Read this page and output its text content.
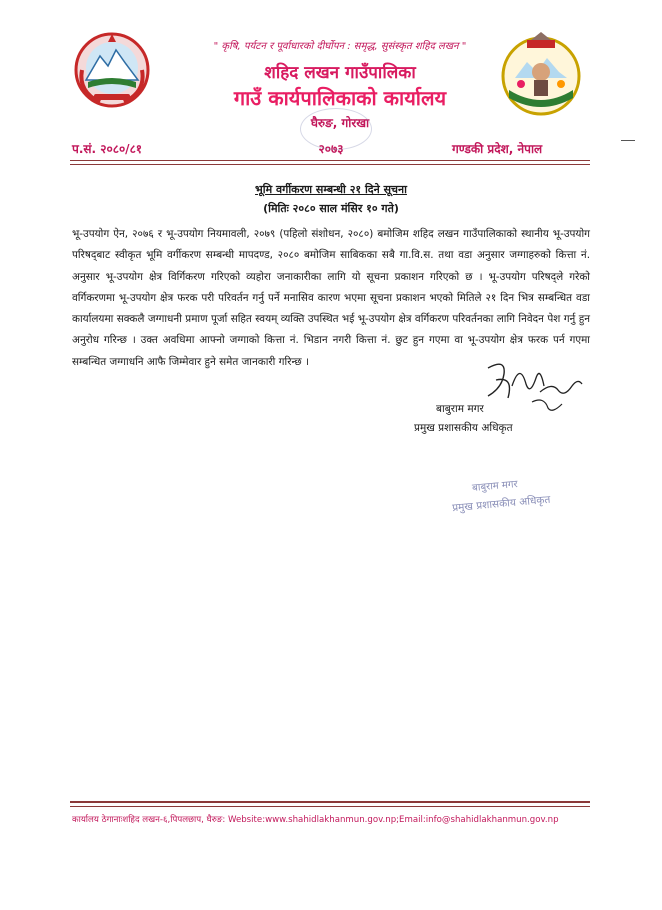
" कृषि, पर्यटन र पूर्वाधारको दीर्घोपन : समृद्ध, सुसंस्कृत शहिद लखन "
शहिद लखन गाउँपालिका
गाउँ कार्यपालिकाको कार्यालय
घैरुङ, गोरखा
२०७३
प.सं. २०८०/८१	गण्डकी प्रदेश, नेपाल
भूमि वर्गीकरण सम्बन्धी २१ दिने सूचना
(मितिः २०८० साल मंसिर १० गते)
भू-उपयोग ऐन, २०७६ र भू-उपयोग नियमावली, २०७९ (पहिलो संशोधन, २०८०) बमोजिम शहिद लखन गाउँपालिकाको स्थानीय भू-उपयोग परिषद्‌बाट स्वीकृत भूमि वर्गीकरण सम्बन्धी मापदण्ड, २०८० बमोजिम साबिकका सबै गा.वि.स. तथा वडा अनुसार जग्गाहरुको कित्ता नं. अनुसार भू-उपयोग क्षेत्र विर्गिकरण गरिएको व्यहोरा जनाकारीका लागि यो सूचना प्रकाशन गरिएको छ । भू-उपयोग परिषद्ले गरेको वर्गिकरणमा भू-उपयोग क्षेत्र फरक परी परिवर्तन गर्नु पर्ने मनासिव कारण भएमा सूचना प्रकाशन भएको मितिले २१ दिन भित्र सम्बन्धित वडा कार्यालयमा सक्कलै जग्गाधनी प्रमाण पूर्जा सहित स्वयम् व्यक्ति उपस्थित भई भू-उपयोग क्षेत्र वर्गिकरण परिवर्तनका लागि निवेदन पेश गर्नु हुन अनुरोध गरिन्छ । उक्त अवधिमा आफ्नो जग्गाको कित्ता नं. भिडान नगरी कित्ता नं. छुट हुन गएमा वा भू-उपयोग क्षेत्र फरक पर्न गएमा सम्बन्धित जग्गाधनि आफै जिम्मेवार हुने समेत जानकारी गरिन्छ ।
बाबुराम मगर
प्रमुख प्रशासकीय अधिकृत
बाबुराम मगर
प्रमुख प्रशासकीय अधिकृत
कार्यालय ठेगानाःशहिद लखन-६,पिपलछाप, घैरुङ: Website:www.shahidlakhanmun.gov.np;Email:info@shahidlakhanmun.gov.np
